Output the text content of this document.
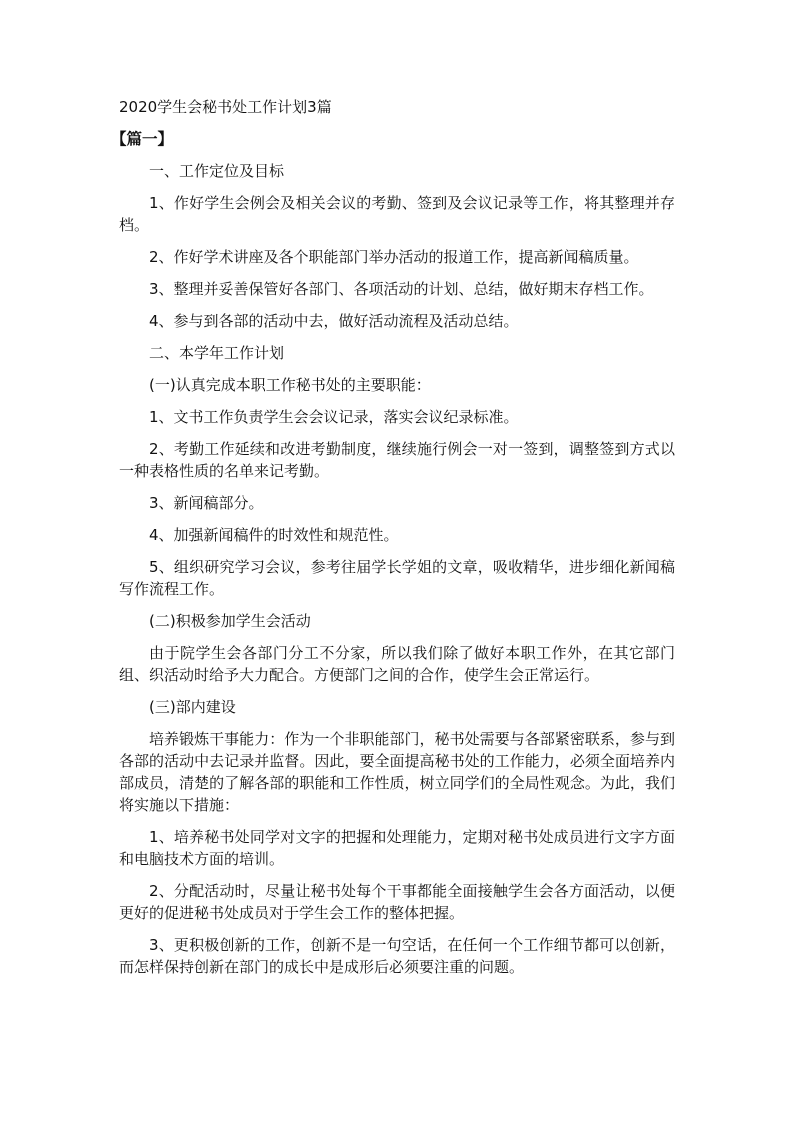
2020学生会秘书处工作计划3篇
【篇一】

一、工作定位及目标

1、作好学生会例会及相关会议的考勤、签到及会议记录等工作，将其整理并存档。

2、作好学术讲座及各个职能部门举办活动的报道工作，提高新闻稿质量。

3、整理并妥善保管好各部门、各项活动的计划、总结，做好期末存档工作。

4、参与到各部的活动中去，做好活动流程及活动总结。

二、本学年工作计划

(一)认真完成本职工作秘书处的主要职能：

1、文书工作负责学生会会议记录，落实会议纪录标准。

2、考勤工作延续和改进考勤制度，继续施行例会一对一签到，调整签到方式以一种表格性质的名单来记考勤。

3、新闻稿部分。

4、加强新闻稿件的时效性和规范性。

5、组织研究学习会议，参考往届学长学姐的文章，吸收精华，进步细化新闻稿写作流程工作。

(二)积极参加学生会活动

由于院学生会各部门分工不分家，所以我们除了做好本职工作外，在其它部门组、织活动时给予大力配合。方便部门之间的合作，使学生会正常运行。

(三)部内建设

培养锻炼干事能力：作为一个非职能部门，秘书处需要与各部紧密联系，参与到各部的活动中去记录并监督。因此，要全面提高秘书处的工作能力，必须全面培养内部成员，清楚的了解各部的职能和工作性质，树立同学们的全局性观念。为此，我们将实施以下措施：

1、培养秘书处同学对文字的把握和处理能力，定期对秘书处成员进行文字方面和电脑技术方面的培训。

2、分配活动时，尽量让秘书处每个干事都能全面接触学生会各方面活动，以便更好的促进秘书处成员对于学生会工作的整体把握。

3、更积极创新的工作，创新不是一句空话，在任何一个工作细节都可以创新，而怎样保持创新在部门的成长中是成形后必须要注重的问题。
